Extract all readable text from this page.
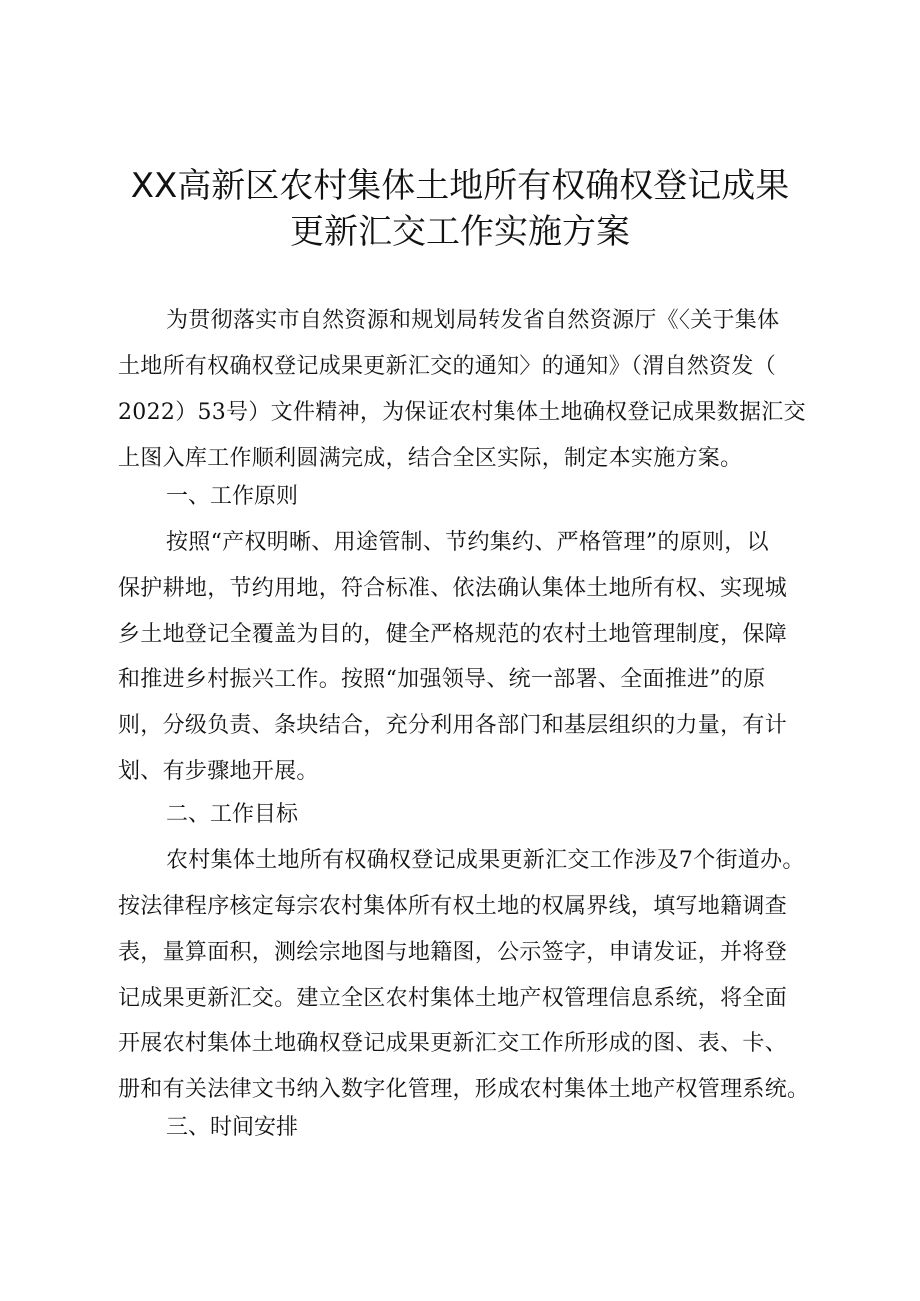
XX高新区农村集体土地所有权确权登记成果
更新汇交工作实施方案
为贯彻落实市自然资源和规划局转发省自然资源厅《〈关于集体
土地所有权确权登记成果更新汇交的通知〉的通知》（渭自然资发（
2022）53号）文件精神，为保证农村集体土地确权登记成果数据汇交
上图入库工作顺利圆满完成，结合全区实际，制定本实施方案。
一、工作原则
按照“产权明晰、用途管制、节约集约、严格管理”的原则，以
保护耕地，节约用地，符合标准、依法确认集体土地所有权、实现城
乡土地登记全覆盖为目的，健全严格规范的农村土地管理制度，保障
和推进乡村振兴工作。按照“加强领导、统一部署、全面推进”的原
则，分级负责、条块结合，充分利用各部门和基层组织的力量，有计
划、有步骤地开展。
二、工作目标
农村集体土地所有权确权登记成果更新汇交工作涉及7个街道办。
按法律程序核定每宗农村集体所有权土地的权属界线，填写地籍调查
表，量算面积，测绘宗地图与地籍图，公示签字，申请发证，并将登
记成果更新汇交。建立全区农村集体土地产权管理信息系统，将全面
开展农村集体土地确权登记成果更新汇交工作所形成的图、表、卡、
册和有关法律文书纳入数字化管理，形成农村集体土地产权管理系统。
三、时间安排
